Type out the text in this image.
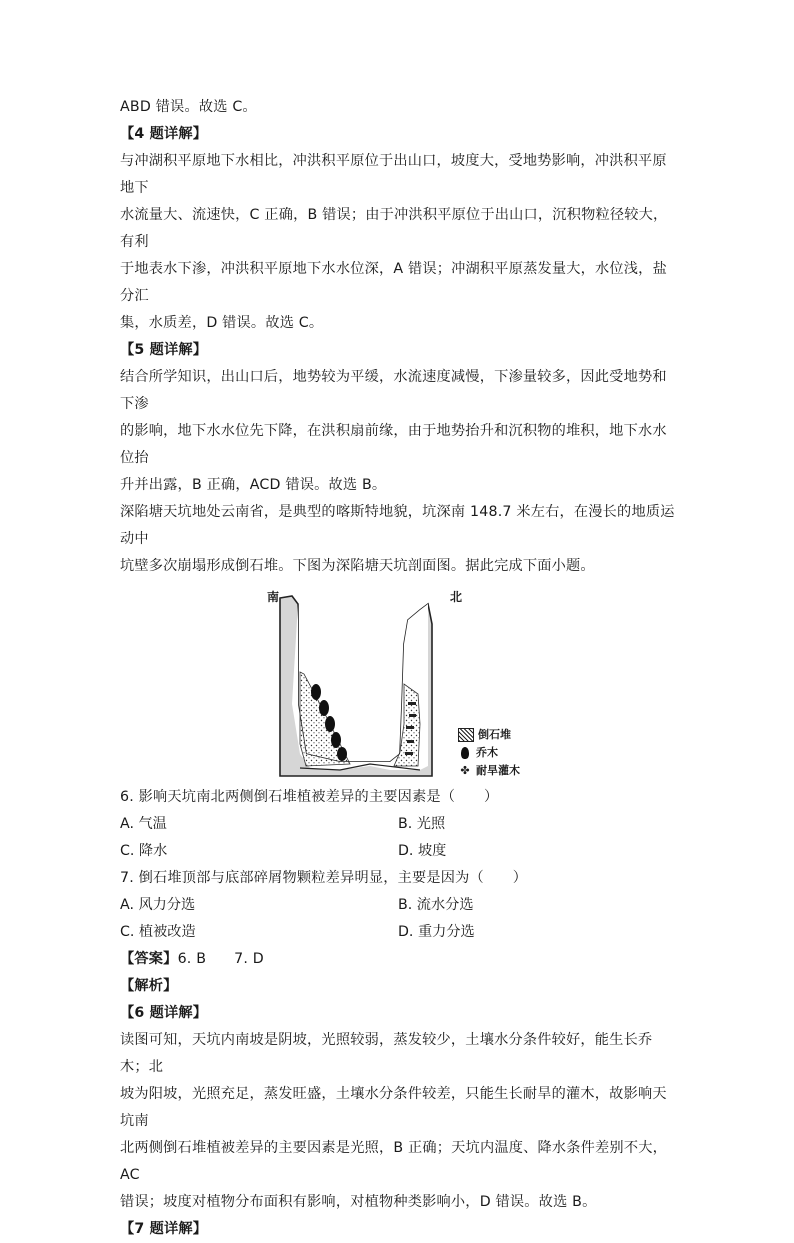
ABD 错误。故选 C。

【4 题详解】

与冲湖积平原地下水相比，冲洪积平原位于出山口，坡度大，受地势影响，冲洪积平原地下

水流量大、流速快，C 正确，B 错误；由于冲洪积平原位于出山口，沉积物粒径较大，有利

于地表水下渗，冲洪积平原地下水水位深，A 错误；冲湖积平原蒸发量大，水位浅，盐分汇

集，水质差，D 错误。故选 C。

【5 题详解】

结合所学知识，出山口后，地势较为平缓，水流速度减慢，下渗量较多，因此受地势和下渗

的影响，地下水水位先下降，在洪积扇前缘，由于地势抬升和沉积物的堆积，地下水水位抬

升并出露，B 正确，ACD 错误。故选 B。

深陷塘天坑地处云南省，是典型的喀斯特地貌，坑深南 148.7 米左右，在漫长的地质运动中

坑壁多次崩塌形成倒石堆。下图为深陷塘天坑剖面图。据此完成下面小题。

南	北
倒石堆
乔木
✤ 耐旱灌木

6. 影响天坑南北两侧倒石堆植被差异的主要因素是（　　）

A. 气温	B. 光照
C. 降水	D. 坡度

7. 倒石堆顶部与底部碎屑物颗粒差异明显，主要是因为（　　）

A. 风力分选	B. 流水分选
C. 植被改造	D. 重力分选

【答案】 6. B 7. D

【解析】

【6 题详解】

读图可知，天坑内南坡是阴坡，光照较弱，蒸发较少，土壤水分条件较好，能生长乔木；北

坡为阳坡，光照充足，蒸发旺盛，土壤水分条件较差，只能生长耐旱的灌木，故影响天坑南

北两侧倒石堆植被差异的主要因素是光照，B 正确；天坑内温度、降水条件差别不大，AC

错误；坡度对植物分布面积有影响，对植物种类影响小，D 错误。故选 B。

【7 题详解】
